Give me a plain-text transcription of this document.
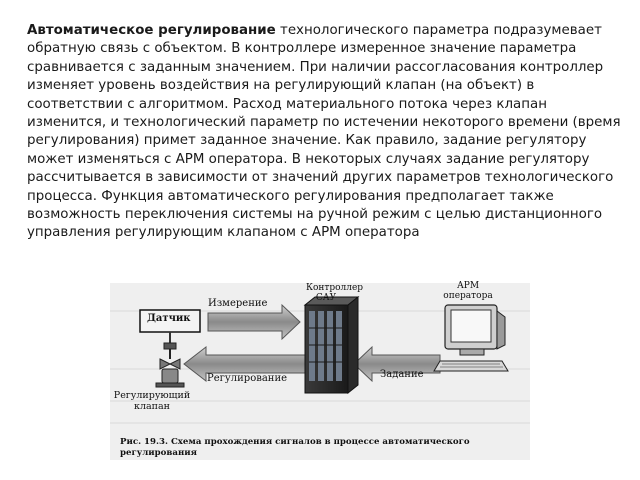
Автоматическое регулирование технологического параметра подразумевает обратную связь с объектом. В контроллере измеренное значение параметра сравнивается с заданным значением. При наличии рассогласования контроллер изменяет уровень воздействия на регулирующий клапан (на объект) в соответствии с алгоритмом. Расход материального потока через клапан изменится, и технологический параметр по истечении некоторого времени (время регулирования) примет заданное значение. Как правило, задание регулятору может изменяться с АРМ оператора. В некоторых случаях задание регулятору рассчитывается в зависимости от значений других параметров технологического процесса. Функция автоматического регулирования предполагает также возможность переключения системы на ручной режим с целью дистанционного управления регулирующим клапаном с АРМ оператора
Датчик
Измерение
Регулирование	Задание
Контроллер
САУ
АРМ
оператора
Регулирующий
клапан
Рис. 19.3. Схема прохождения сигналов в процессе автоматического регулирования
